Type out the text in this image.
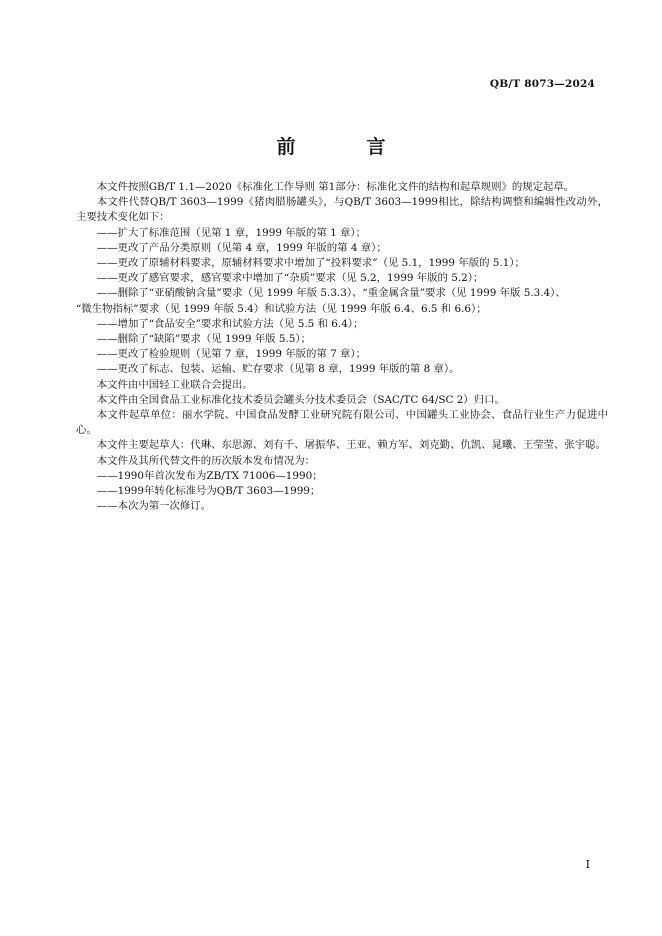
QB/T 8073—2024
前　言

本文件按照GB/T 1.1—2020《标准化工作导则 第1部分：标准化文件的结构和起草规则》的规定起草。

本文件代替QB/T 3603—1999《猪肉腊肠罐头》，与QB/T 3603—1999相比，除结构调整和编辑性改动外，主要技术变化如下：

——扩大了标准范围（见第 1 章，1999 年版的第 1 章）；

——更改了产品分类原则（见第 4 章，1999 年版的第 4 章）；

——更改了原辅材料要求，原辅材料要求中增加了“投料要求”（见 5.1，1999 年版的 5.1）；

——更改了感官要求，感官要求中增加了“杂质”要求（见 5.2，1999 年版的 5.2）；

——删除了“亚硝酸钠含量”要求（见 1999 年版 5.3.3）、“重金属含量”要求（见 1999 年版 5.3.4）、

“微生物指标”要求（见 1999 年版 5.4）和试验方法（见 1999 年版 6.4、6.5 和 6.6）；

——增加了“食品安全”要求和试验方法（见 5.5 和 6.4）；

——删除了“缺陷”要求（见 1999 年版 5.5）；

——更改了检验规则（见第 7 章，1999 年版的第 7 章）；

——更改了标志、包装、运输、贮存要求（见第 8 章，1999 年版的第 8 章）。

本文件由中国轻工业联合会提出。

本文件由全国食品工业标准化技术委员会罐头分技术委员会（SAC/TC 64/SC 2）归口。

本文件起草单位：丽水学院、中国食品发酵工业研究院有限公司、中国罐头工业协会、食品行业生产力促进中心。

本文件主要起草人：代琳、东思源、刘有千、屠振华、王亚、赖方军、刘克勤、仇凯、晁曦、王莹莹、张宇聪。

本文件及其所代替文件的历次版本发布情况为：

——1990年首次发布为ZB/TX 71006—1990；

——1999年转化标准号为QB/T 3603—1999；

——本次为第一次修订。

I
